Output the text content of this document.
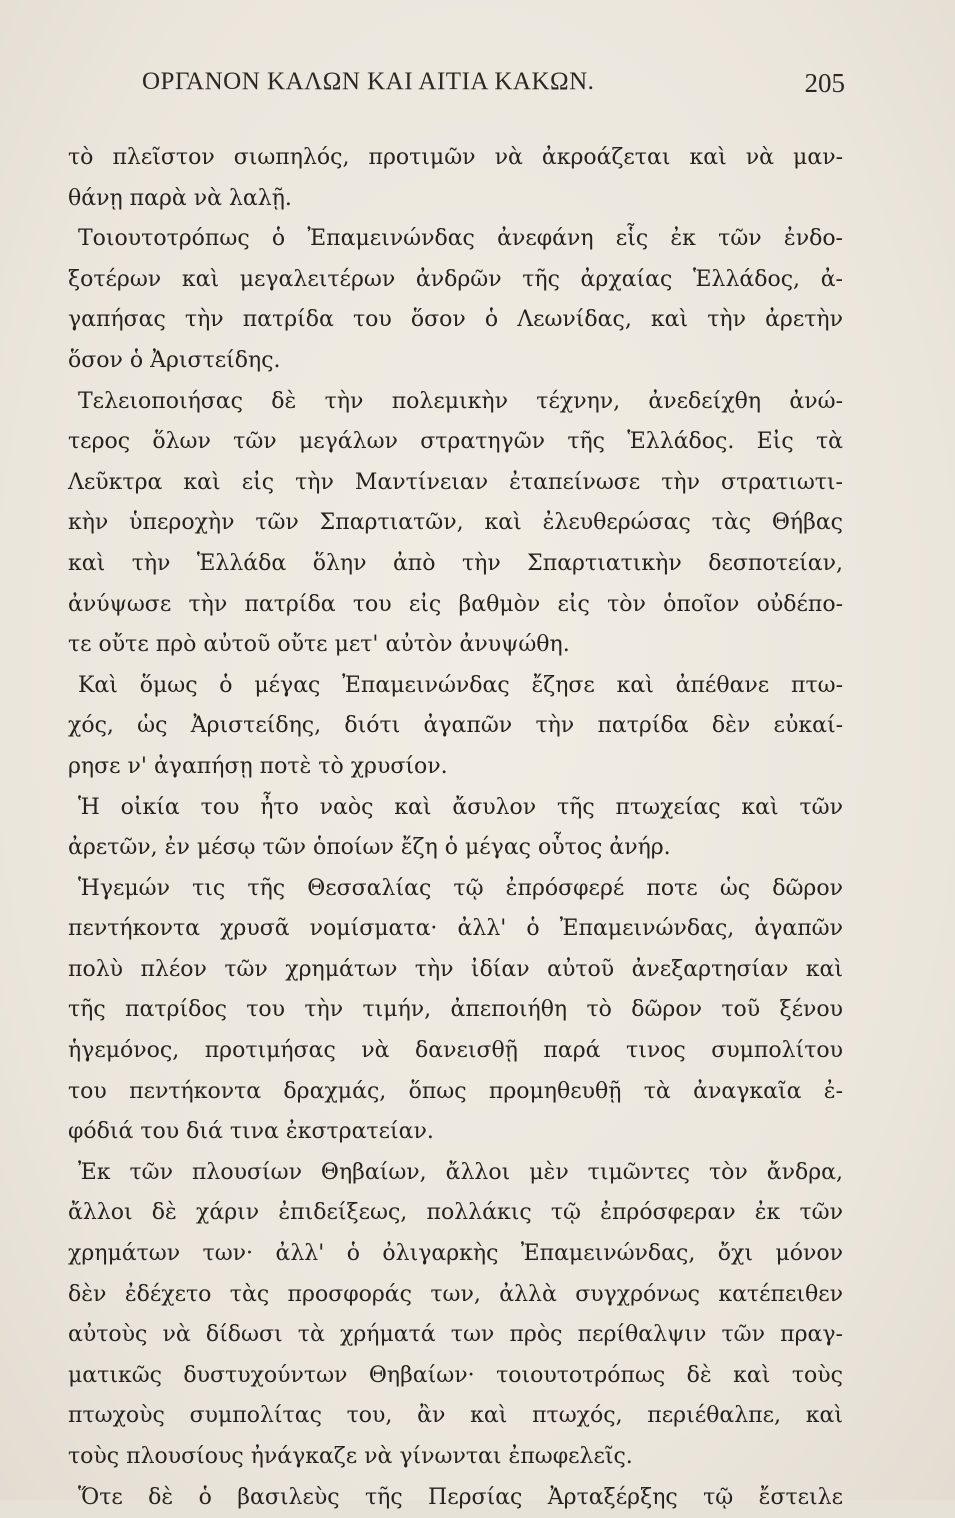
ΟΡΓΑΝΟΝ ΚΑΛΩΝ ΚΑΙ ΑΙΤΙΑ ΚΑΚΩΝ.	205
τὸ πλεῖστον σιωπηλός, προτιμῶν νὰ ἀκροάζεται καὶ νὰ μαν-
θάνῃ παρὰ νὰ λαλῇ.
Τοιουτοτρόπως ὁ Ἐπαμεινώνδας ἀνεφάνη εἷς ἐκ τῶν ἐνδο-
ξοτέρων καὶ μεγαλειτέρων ἀνδρῶν τῆς ἀρχαίας Ἑλλάδος, ἀ-
γαπήσας τὴν πατρίδα του ὅσον ὁ Λεωνίδας, καὶ τὴν ἀρετὴν
ὅσον ὁ Ἀριστείδης.
Τελειοποιήσας δὲ τὴν πολεμικὴν τέχνην, ἀνεδείχθη ἀνώ-
τερος ὅλων τῶν μεγάλων στρατηγῶν τῆς Ἑλλάδος. Εἰς τὰ
Λεῦκτρα καὶ εἰς τὴν Μαντίνειαν ἐταπείνωσε τὴν στρατιωτι-
κὴν ὑπεροχὴν τῶν Σπαρτιατῶν, καὶ ἐλευθερώσας τὰς Θήβας
καὶ τὴν Ἑλλάδα ὅλην ἀπὸ τὴν Σπαρτιατικὴν δεσποτείαν,
ἀνύψωσε τὴν πατρίδα του εἰς βαθμὸν εἰς τὸν ὁποῖον οὐδέπο-
τε οὔτε πρὸ αὐτοῦ οὔτε μετ' αὐτὸν ἀνυψώθη.
Καὶ ὅμως ὁ μέγας Ἐπαμεινώνδας ἔζησε καὶ ἀπέθανε πτω-
χός, ὡς Ἀριστείδης, διότι ἀγαπῶν τὴν πατρίδα δὲν εὐκαί-
ρησε ν' ἀγαπήσῃ ποτὲ τὸ χρυσίον.
Ἡ οἰκία του ἦτο ναὸς καὶ ἄσυλον τῆς πτωχείας καὶ τῶν
ἀρετῶν, ἐν μέσῳ τῶν ὁποίων ἔζη ὁ μέγας οὗτος ἀνήρ.
Ἡγεμών τις τῆς Θεσσαλίας τῷ ἐπρόσφερέ ποτε ὡς δῶρον
πεντήκοντα χρυσᾶ νομίσματα· ἀλλ' ὁ Ἐπαμεινώνδας, ἀγαπῶν
πολὺ πλέον τῶν χρημάτων τὴν ἰδίαν αὐτοῦ ἀνεξαρτησίαν καὶ
τῆς πατρίδος του τὴν τιμήν, ἀπεποιήθη τὸ δῶρον τοῦ ξένου
ἡγεμόνος, προτιμήσας νὰ δανεισθῇ παρά τινος συμπολίτου
του πεντήκοντα δραχμάς, ὅπως προμηθευθῇ τὰ ἀναγκαῖα ἐ-
φόδιά του διά τινα ἐκστρατείαν.
Ἐκ τῶν πλουσίων Θηβαίων, ἄλλοι μὲν τιμῶντες τὸν ἄνδρα,
ἄλλοι δὲ χάριν ἐπιδείξεως, πολλάκις τῷ ἐπρόσφεραν ἐκ τῶν
χρημάτων των· ἀλλ' ὁ ὀλιγαρκὴς Ἐπαμεινώνδας, ὄχι μόνον
δὲν ἐδέχετο τὰς προσφοράς των, ἀλλὰ συγχρόνως κατέπειθεν
αὐτοὺς νὰ δίδωσι τὰ χρήματά των πρὸς περίθαλψιν τῶν πραγ-
ματικῶς δυστυχούντων Θηβαίων· τοιουτοτρόπως δὲ καὶ τοὺς
πτωχοὺς συμπολίτας του, ἂν καὶ πτωχός, περιέθαλπε, καὶ
τοὺς πλουσίους ἠνάγκαζε νὰ γίνωνται ἐπωφελεῖς.
Ὅτε δὲ ὁ βασιλεὺς τῆς Περσίας Ἀρταξέρξης τῷ ἔστειλε
